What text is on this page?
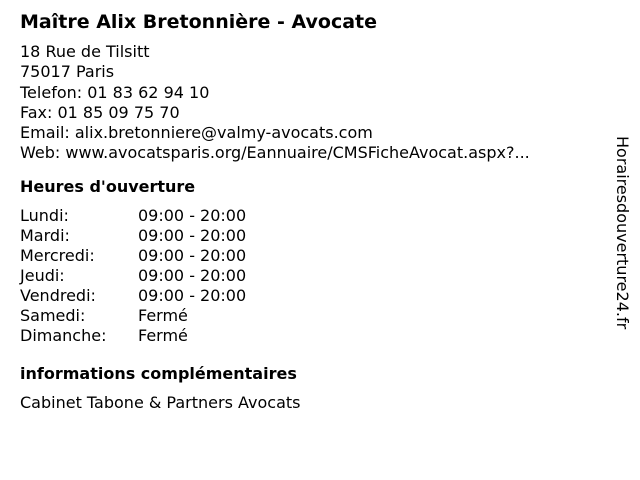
Maître Alix Bretonnière - Avocate
18 Rue de Tilsitt
75017 Paris
Telefon: 01 83 62 94 10
Fax: 01 85 09 75 70
Email: alix.bretonniere@valmy-avocats.com
Web: www.avocatsparis.org/Eannuaire/CMSFicheAvocat.aspx?...
Heures d'ouverture
Lundi:	09:00 - 20:00
Mardi:	09:00 - 20:00
Mercredi:	09:00 - 20:00
Jeudi:	09:00 - 20:00
Vendredi:	09:00 - 20:00
Samedi:	Fermé
Dimanche:	Fermé
informations complémentaires
Cabinet Tabone & Partners Avocats
Horairesdouverture24.fr
